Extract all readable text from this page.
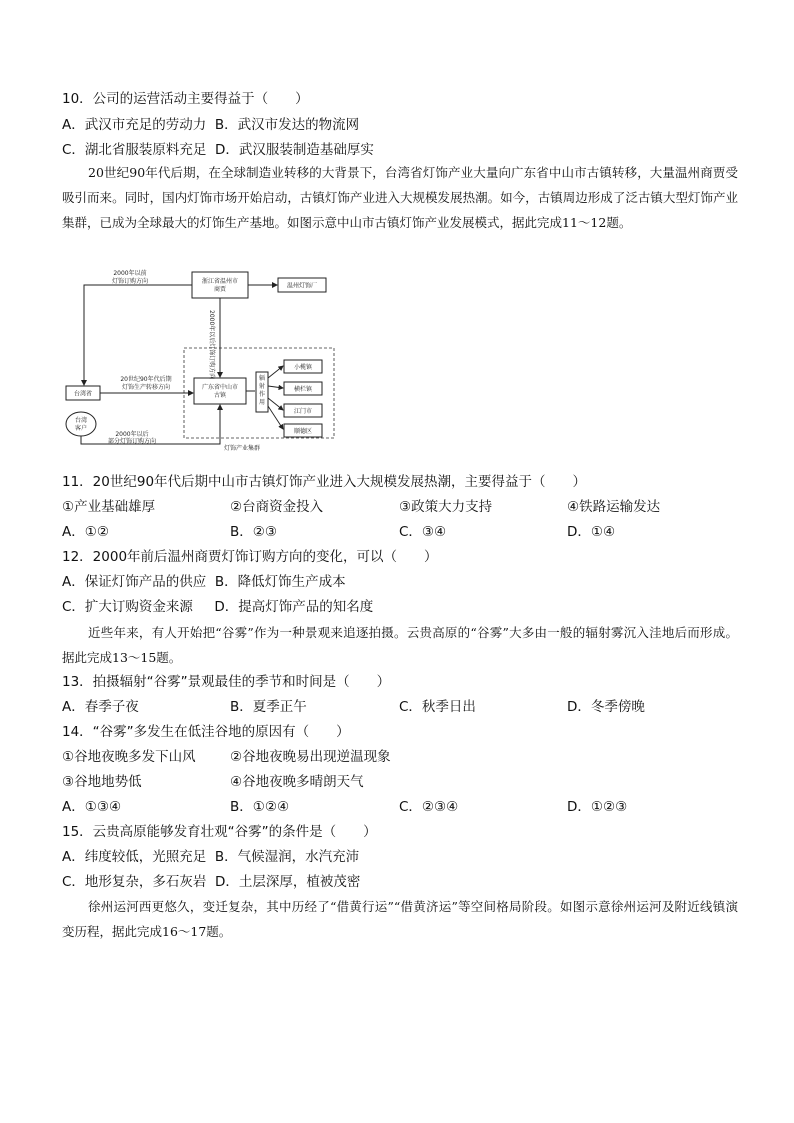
10．公司的运营活动主要得益于（　　）
A．武汉市充足的劳动力 B．武汉市发达的物流网
C．湖北省服装原料充足 D．武汉服装制造基础厚实
20世纪90年代后期，在全球制造业转移的大背景下，台湾省灯饰产业大量向广东省中山市古镇转移，大量温州商贾受吸引而来。同时，国内灯饰市场开始启动，古镇灯饰产业进入大规模发展热潮。如今，古镇周边形成了泛古镇大型灯饰产业集群，已成为全球最大的灯饰生产基地。如图示意中山市古镇灯饰产业发展模式，据此完成11～12题。
浙江省温州市商贾	温州灯饰厂
灯饰产业集群
广东省中山市古镇
辐射作用
小榄镇
横栏镇
江门市
顺德区
台湾省
台湾客户
2000年以前灯饰订购方向
2000年以后灯饰订购方向
20世纪90年代后期灯饰生产转移方向
2000年以后部分灯饰订购方向
11．20世纪90年代后期中山市古镇灯饰产业进入大规模发展热潮，主要得益于（　　）
①产业基础雄厚	②台商资金投入	③政策大力支持	④铁路运输发达
A．①②	B．②③	C．③④	D．①④
12．2000年前后温州商贾灯饰订购方向的变化，可以（　　）
A．保证灯饰产品的供应 B．降低灯饰生产成本
C．扩大订购资金来源 D．提高灯饰产品的知名度
近些年来，有人开始把“谷雾”作为一种景观来追逐拍摄。云贵高原的“谷雾”大多由一般的辐射雾沉入洼地后而形成。据此完成13～15题。
13．拍摄辐射“谷雾”景观最佳的季节和时间是（　　）
A．春季子夜	B．夏季正午	C．秋季日出	D．冬季傍晚
14．“谷雾”多发生在低洼谷地的原因有（　　）
①谷地夜晚多发下山风	②谷地夜晚易出现逆温现象
③谷地地势低	④谷地夜晚多晴朗天气
A．①③④	B．①②④	C．②③④	D．①②③
15．云贵高原能够发育壮观“谷雾”的条件是（　　）
A．纬度较低，光照充足 B．气候湿润，水汽充沛
C．地形复杂，多石灰岩 D．土层深厚，植被茂密
徐州运河西更悠久，变迁复杂，其中历经了“借黄行运”“借黄济运”等空间格局阶段。如图示意徐州运河及附近线镇演变历程，据此完成16～17题。
